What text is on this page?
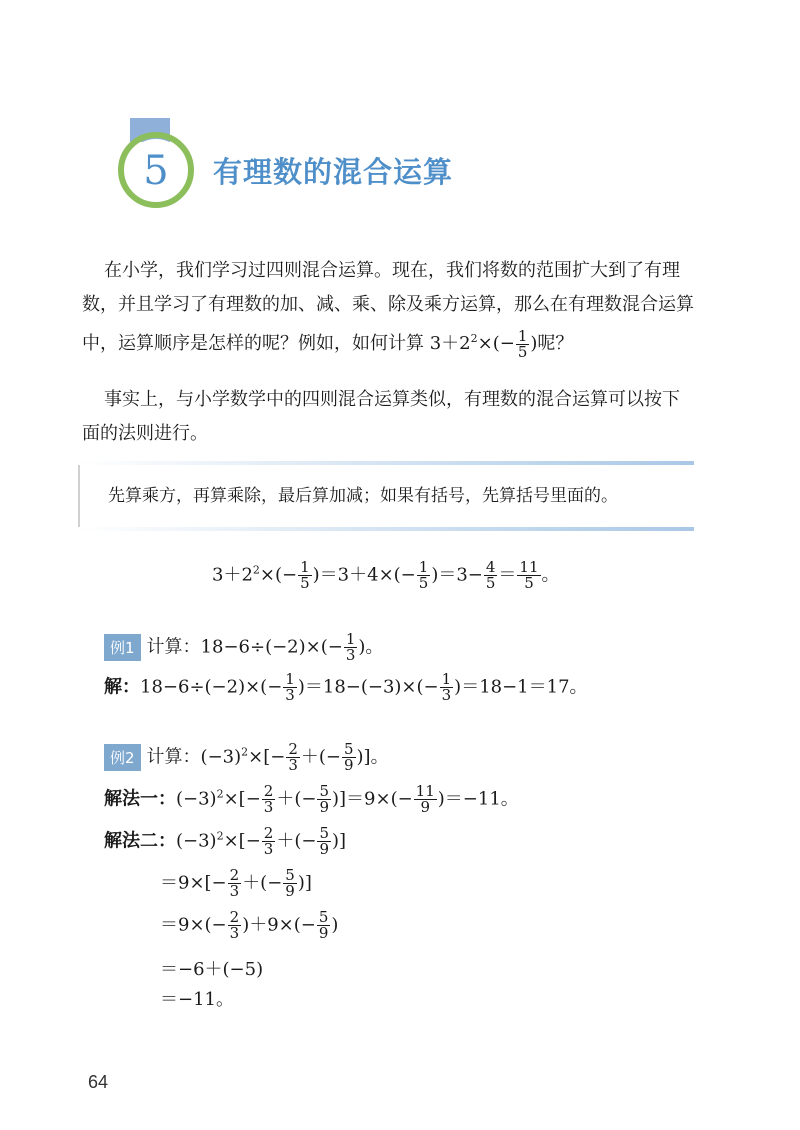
5 有理数的混合运算

在小学，我们学习过四则混合运算。现在，我们将数的范围扩大到了有理

数，并且学习了有理数的加、减、乘、除及乘方运算，那么在有理数混合运算

中，运算顺序是怎样的呢？例如，如何计算 $3+2^2\times(- \frac{1}{5}$ )呢？

事实上，与小学数学中的四则混合运算类似，有理数的混合运算可以按下

面的法则进行。

先算乘方，再算乘除，最后算加减；如果有括号，先算括号里面的。
$3+2^2\times(- \frac{1}{5} )=3+4\times(- \frac{1}{5} )=3- \frac{4}{5} = \frac{11}{5}$ 。
例1 计算：$18-6\div(-2)\times(- \frac{1}{3}$ )。
解：$18-6\div(-2)\times(- \frac{1}{3} )=18-(-3)\times(- \frac{1}{3} )=18-1=17$。
例2 计算：$(-3)^2\times[- \frac{2}{3}$ ＋(− $\frac{5}{9}$ )]。
解法一：$(-3)^2\times[- \frac{2}{3}$ ＋(− $\frac{5}{9} )]=9\times(- \frac{11}{9} )=-11$。
解法二：$(-3)^2\times[- \frac{2}{3}$ ＋(− $\frac{5}{9}$ )]
$=9\times[- \frac{2}{3}$ ＋(− $\frac{5}{9}$ )]
$=9\times(- \frac{2}{3} )+9\times(- \frac{5}{9}$ )
＝−6＋(−5)
＝−11。
64
